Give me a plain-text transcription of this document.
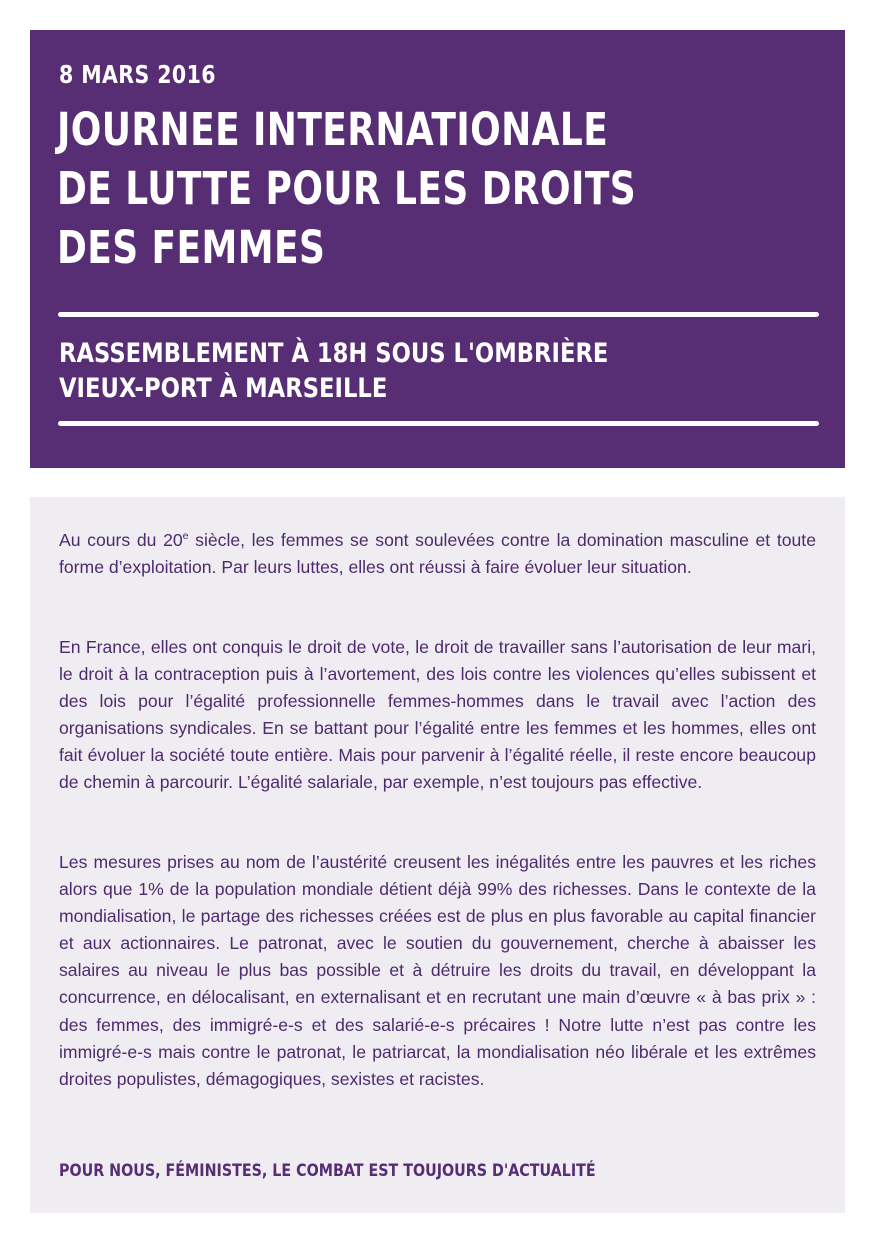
8 MARS 2016
JOURNEE INTERNATIONALE
DE LUTTE POUR LES DROITS
DES FEMMES
RASSEMBLEMENT À 18H SOUS L'OMBRIÈRE
VIEUX-PORT À MARSEILLE

Au cours du 20e siècle, les femmes se sont soulevées contre la domination masculine et toute forme d’exploitation. Par leurs luttes, elles ont réussi à faire évoluer leur situation.

En France, elles ont conquis le droit de vote, le droit de travailler sans l’autorisation de leur mari, le droit à la contraception puis à l’avortement, des lois contre les violences qu’elles subissent et des lois pour l’égalité professionnelle femmes-hommes dans le travail avec l’action des organisations syndicales. En se battant pour l’égalité entre les femmes et les hommes, elles ont fait évoluer la société toute entière. Mais pour parvenir à l’égalité réelle, il reste encore beaucoup de chemin à parcourir. L’égalité salariale, par exemple, n’est toujours pas effective.

Les mesures prises au nom de l’austérité creusent les inégalités entre les pauvres et les riches alors que 1% de la population mondiale détient déjà 99% des richesses. Dans le contexte de la mondialisation, le partage des richesses créées est de plus en plus favorable au capital financier et aux actionnaires. Le patronat, avec le soutien du gouvernement, cherche à abaisser les salaires au niveau le plus bas possible et à détruire les droits du travail, en développant la concurrence, en délocalisant, en externalisant et en recrutant une main d’œuvre « à bas prix » : des femmes, des immigré-e-s et des salarié-e-s précaires ! Notre lutte n’est pas contre les immigré-e-s mais contre le patronat, le patriarcat, la mondialisation néo libérale et les extrêmes droites populistes, démagogiques, sexistes et racistes.

POUR NOUS, FÉMINISTES, LE COMBAT EST TOUJOURS D'ACTUALITÉ
